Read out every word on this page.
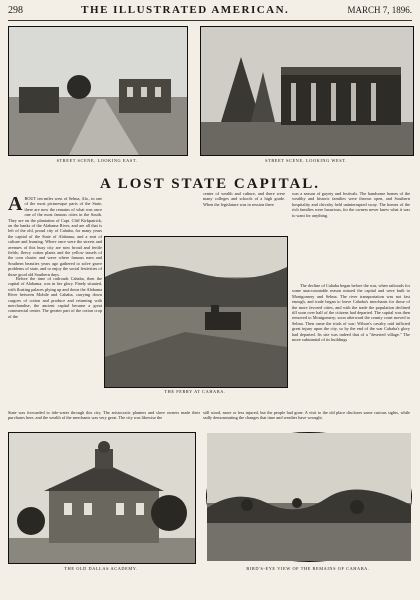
298	THE ILLUSTRATED AMERICAN.	MARCH 7, 1896.
STREET SCENE, LOOKING EAST.	STREET SCENE, LOOKING WEST.
A LOST STATE CAPITAL.
A BOUT ten miles west of Selma, Ala., in one of the most picturesque parts of the State, there are now the remains of what was once one of the most famous cities in the South. They are on the plantation of Capt. Cliff Kirkpatrick, on the banks of the Alabama River, and are all that is left of the old, proud city of Cahaba, for many years the capital of the State of Alabama, and a seat of culture and learning. Where once were the streets and avenues of this busy city are now broad and fertile fields; fleecy cotton plants and the yellow tassels of the corn cluster and wave where famous men and Southern beauties years ago gathered to solve grave problems of state, and to enjoy the social festivities of those good old Southern days.
center of wealth and culture, and there were many colleges and schools of a high grade. When the legislature was in session there
was a season of gayety and festivals. The handsome homes of the wealthy and historic families were thrown open, and Southern hospitality and chivalry held uninterrupted sway. The homes of the rich families were luxurious, for the owners never knew what it was to want for anything.
THE FERRY AT CAHABA.
Before the time of railroads Cahaba, then the capital of Alabama, was in her glory. Finely situated, with floating palaces plying up and down the Alabama River between Mobile and Cahaba, carrying down cargoes of cotton and produce and returning with merchandise, the ancient capital became a great commercial center. The greater part of the cotton crop of the
The decline of Cahaba began before the war, when railroads for some unaccountable reason missed the capital and were built to Montgomery and Selma. The river transportation was not fast enough, and trade began to leave Cahaba's merchants for those of the more favored cities, and with the trade the population declined till soon over half of the citizens had departed. The capital was then removed to Montgomery; soon afterward the county court moved to Selma. Then came the trials of war; Wilson's cavalry raid inflicted great injury upon the city, so by the end of the war Cahaba's glory had departed. Its site was indeed that of a "deserted village." The more substantial of its buildings
State was forwarded to tide-water through this city. The aristocratic planters and slave owners made their purchases here, and the wealth of the merchants was very great. The city was likewise the
still stood, more or less injured, but the people had gone. A visit to the old place discloses some curious sights, while sadly demonstrating the changes that time and weather have wrought.
THE OLD DALLAS ACADEMY.	BIRD'S-EYE VIEW OF THE REMAINS OF CAHABA.
